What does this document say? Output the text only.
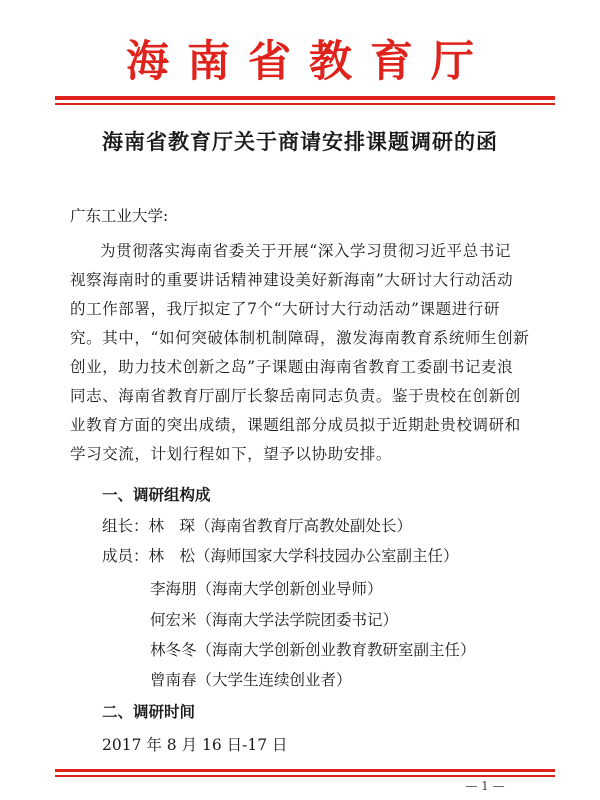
海南省教育厅
海南省教育厅关于商请安排课题调研的函
广东工业大学:
为贯彻落实海南省委关于开展“深入学习贯彻习近平总书记
视察海南时的重要讲话精神建设美好新海南”大研讨大行动活动
的工作部署，我厅拟定了7个“大研讨大行动活动”课题进行研
究。其中，“如何突破体制机制障碍，激发海南教育系统师生创新
创业，助力技术创新之岛”子课题由海南省教育工委副书记麦浪
同志、海南省教育厅副厅长黎岳南同志负责。鉴于贵校在创新创
业教育方面的突出成绩，课题组部分成员拟于近期赴贵校调研和
学习交流，计划行程如下，望予以协助安排。
一、调研组构成
组长：林　琛（海南省教育厅高教处副处长）
成员：林　松（海师国家大学科技园办公室副主任）
李海朋（海南大学创新创业导师）
何宏米（海南大学法学院团委书记）
林冬冬（海南大学创新创业教育教研室副主任）
曾南春（大学生连续创业者）
二、调研时间
2017 年 8 月 16 日-17 日
— 1 —
